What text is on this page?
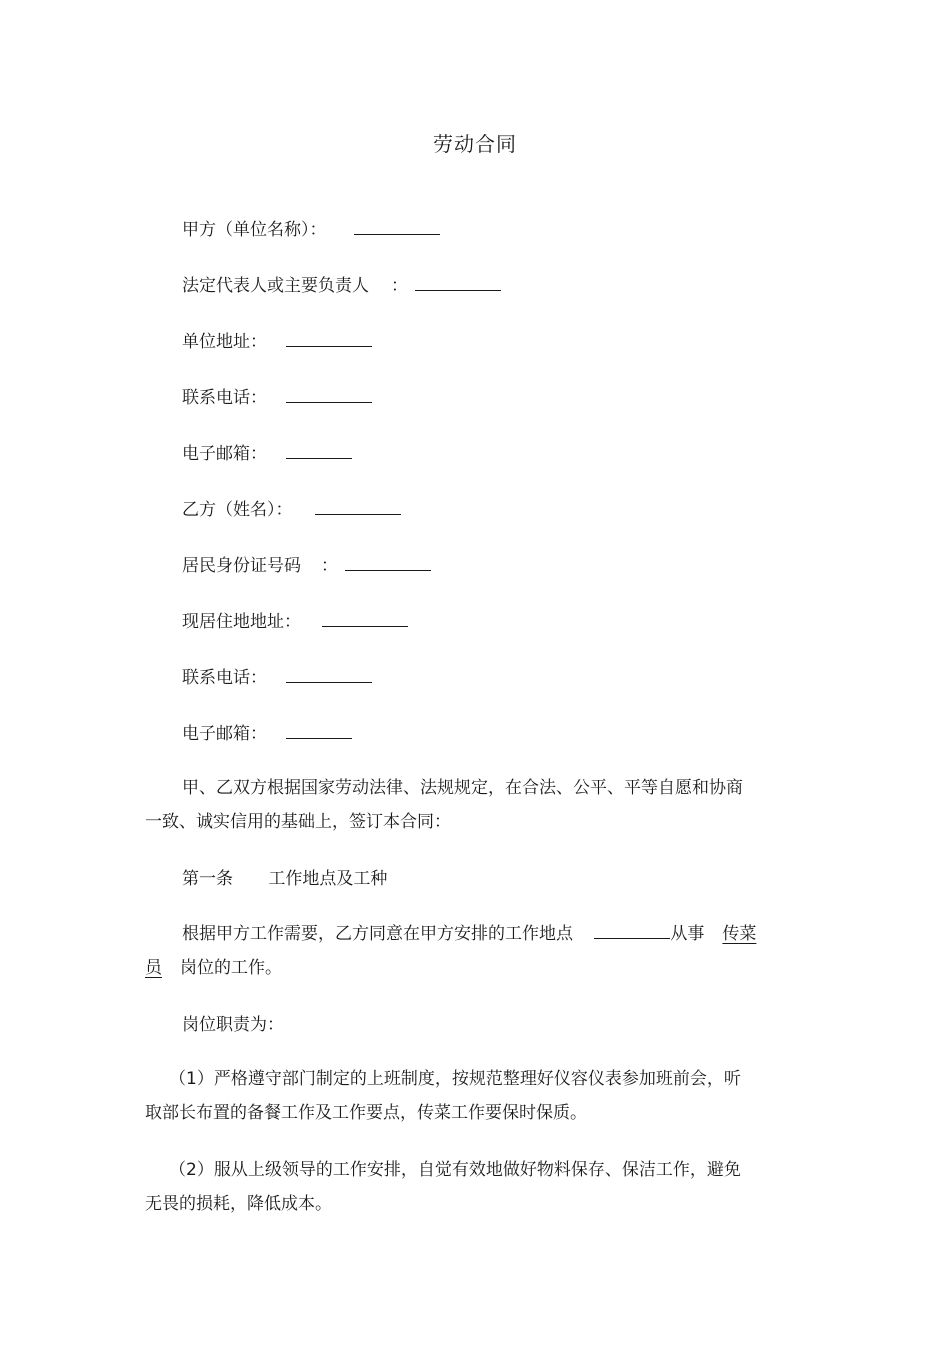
劳动合同
甲方（单位名称）：
法定代表人或主要负责人 ：
单位地址：
联系电话：
电子邮箱：
乙方（姓名）：
居民身份证号码 ：
现居住地地址：
联系电话：
电子邮箱：
甲、乙双方根据国家劳动法律、法规规定，在合法、公平、平等自愿和协商
一致、诚实信用的基础上，签订本合同：
第一条 工作地点及工种
根据甲方工作需要，乙方同意在甲方安排的工作地点	从事 传菜
员 岗位的工作。
岗位职责为：
（1）严格遵守部门制定的上班制度，按规范整理好仪容仪表参加班前会，听
取部长布置的备餐工作及工作要点，传菜工作要保时保质。
（2）服从上级领导的工作安排，自觉有效地做好物料保存、保洁工作，避免
无畏的损耗，降低成本。
